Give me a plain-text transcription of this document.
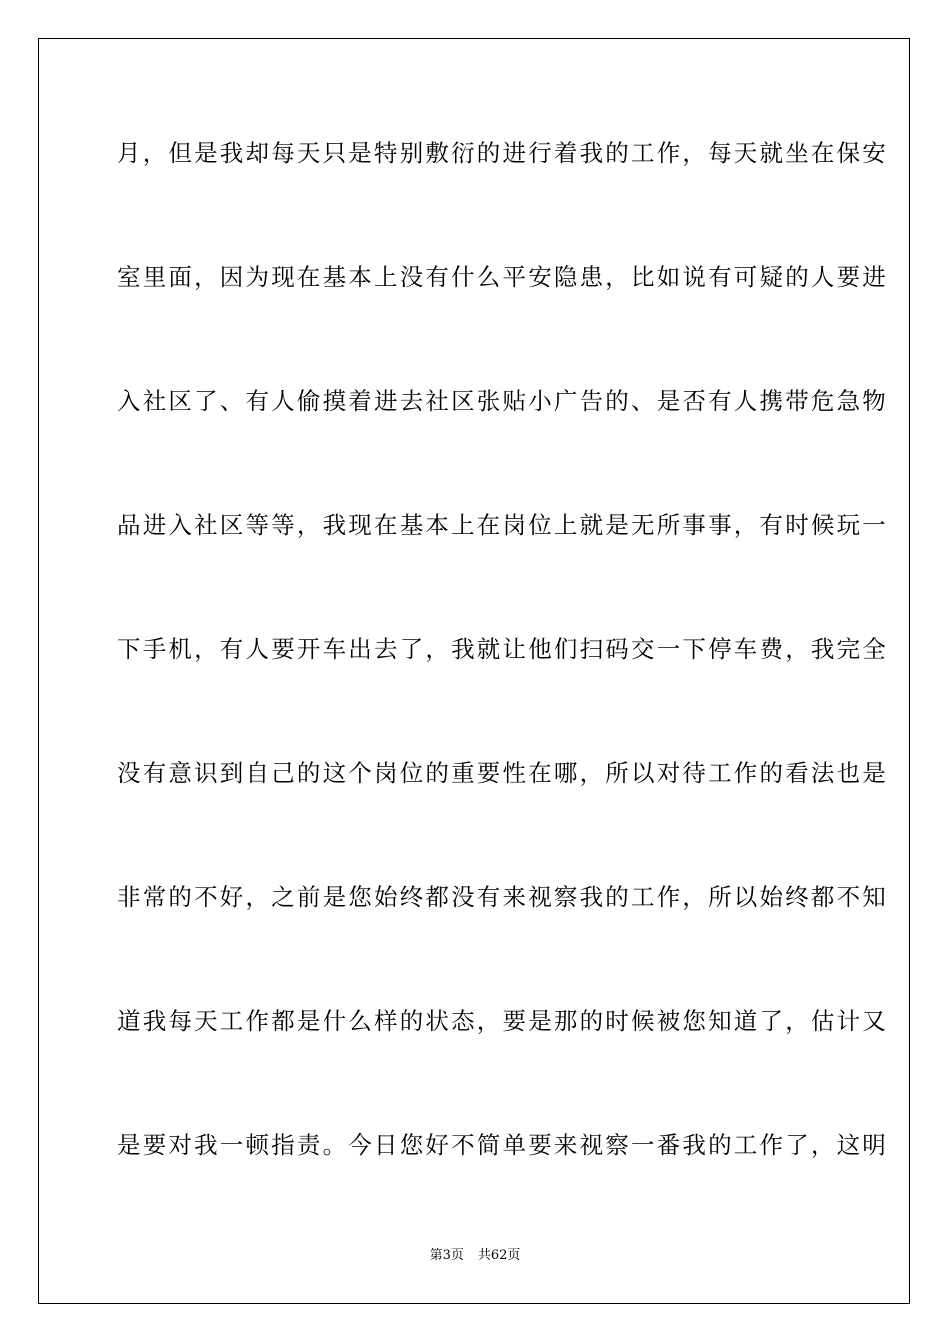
月，但是我却每天只是特别敷衍的进行着我的工作，每天就坐在保安
室里面，因为现在基本上没有什么平安隐患，比如说有可疑的人要进
入社区了、有人偷摸着进去社区张贴小广告的、是否有人携带危急物
品进入社区等等，我现在基本上在岗位上就是无所事事，有时候玩一
下手机，有人要开车出去了，我就让他们扫码交一下停车费，我完全
没有意识到自己的这个岗位的重要性在哪，所以对待工作的看法也是
非常的不好，之前是您始终都没有来视察我的工作，所以始终都不知
道我每天工作都是什么样的状态，要是那的时候被您知道了，估计又
是要对我一顿指责。今日您好不简单要来视察一番我的工作了，这明
第3页 共62页
